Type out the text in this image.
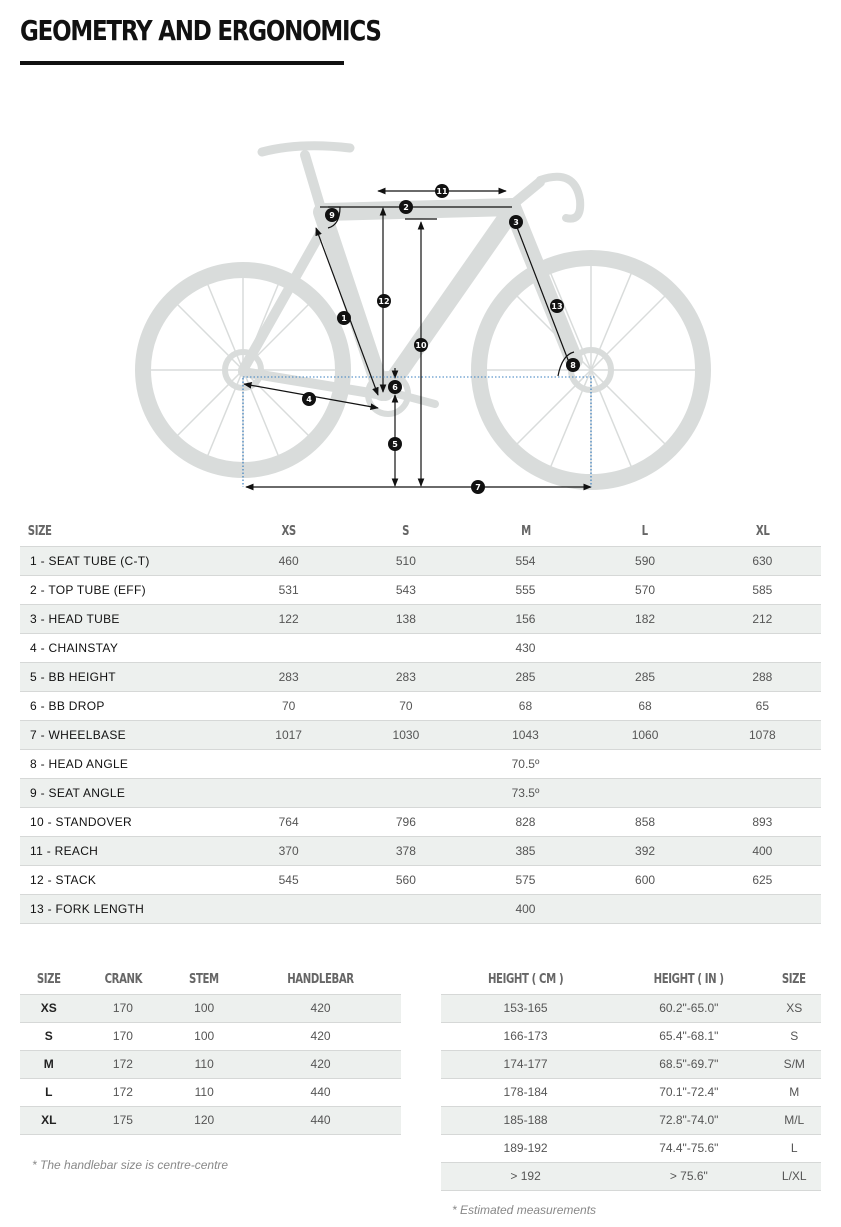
GEOMETRY AND ERGONOMICS
1
2
3
4
5
6
7
8
9
10
11
12
13
SIZE	XS	S	M	L	XL
1 - SEAT TUBE (C-T)	460	510	554	590	630
2 - TOP TUBE (EFF)	531	543	555	570	585
3 - HEAD TUBE	122	138	156	182	212
4 - CHAINSTAY			430		
5 - BB HEIGHT	283	283	285	285	288
6 - BB DROP	70	70	68	68	65
7 - WHEELBASE	1017	1030	1043	1060	1078
8 - HEAD ANGLE			70.5º		
9 - SEAT ANGLE			73.5º		
10 - STANDOVER	764	796	828	858	893
11 - REACH	370	378	385	392	400
12 - STACK	545	560	575	600	625
13 - FORK LENGTH			400		
SIZE	CRANK	STEM	HANDLEBAR
XS	170	100	420
S	170	100	420
M	172	110	420
L	172	110	440
XL	175	120	440
* The handlebar size is centre-centre
HEIGHT ( CM )	HEIGHT ( IN )	SIZE
153-165	60.2"-65.0"	XS
166-173	65.4"-68.1"	S
174-177	68.5"-69.7"	S/M
178-184	70.1"-72.4"	M
185-188	72.8"-74.0"	M/L
189-192	74.4"-75.6"	L
> 192	> 75.6"	L/XL
* Estimated measurements
